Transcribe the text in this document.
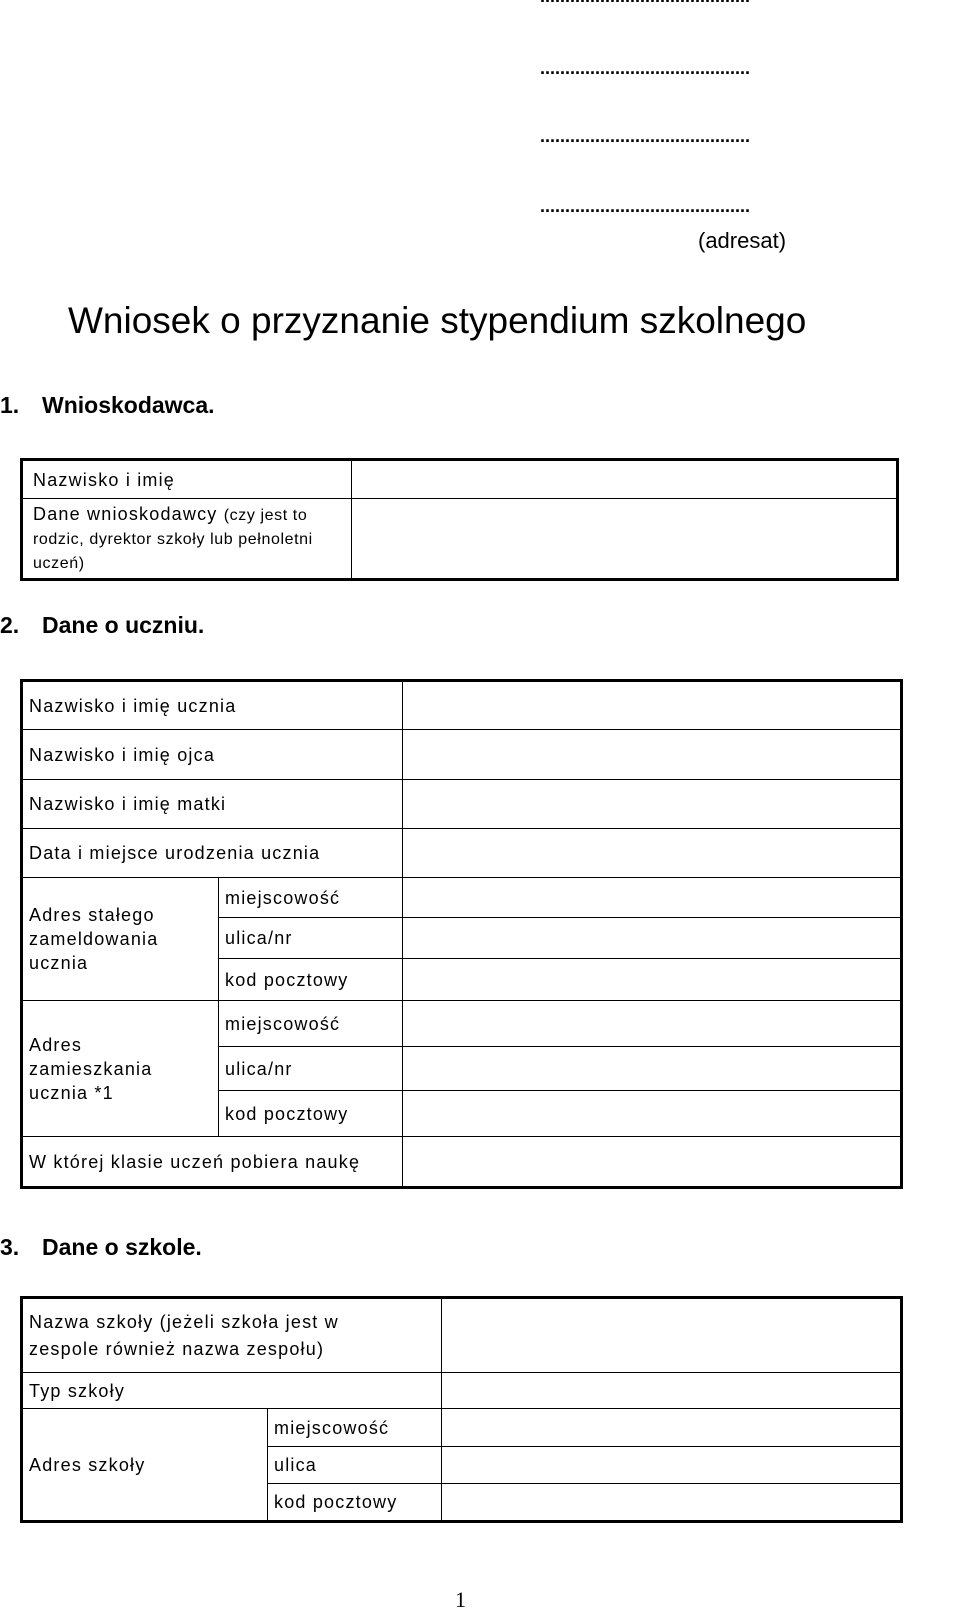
..........................................
..........................................
..........................................
(adresat)
Wniosek o przyznanie stypendium szkolnego
1. Wnioskodawca.
Nazwisko i imię	
Dane wnioskodawcy (czy jest to rodzic, dyrektor szkoły lub pełnoletni uczeń)	
2. Dane o uczniu.
Nazwisko i imię ucznia		
Nazwisko i imię ojca		
Nazwisko i imię matki		
Data i miejsce urodzenia ucznia		
Adres stałego zameldowania ucznia	miejscowość	
	ulica/nr	
	kod pocztowy	
Adres zamieszkania ucznia *1	miejscowość	
	ulica/nr	
	kod pocztowy	
W której klasie uczeń pobiera naukę		
3. Dane o szkole.
Nazwa szkoły (jeżeli szkoła jest w zespole również nazwa zespołu)		
Typ szkoły		
Adres szkoły	miejscowość	
	ulica	
	kod pocztowy	
1
